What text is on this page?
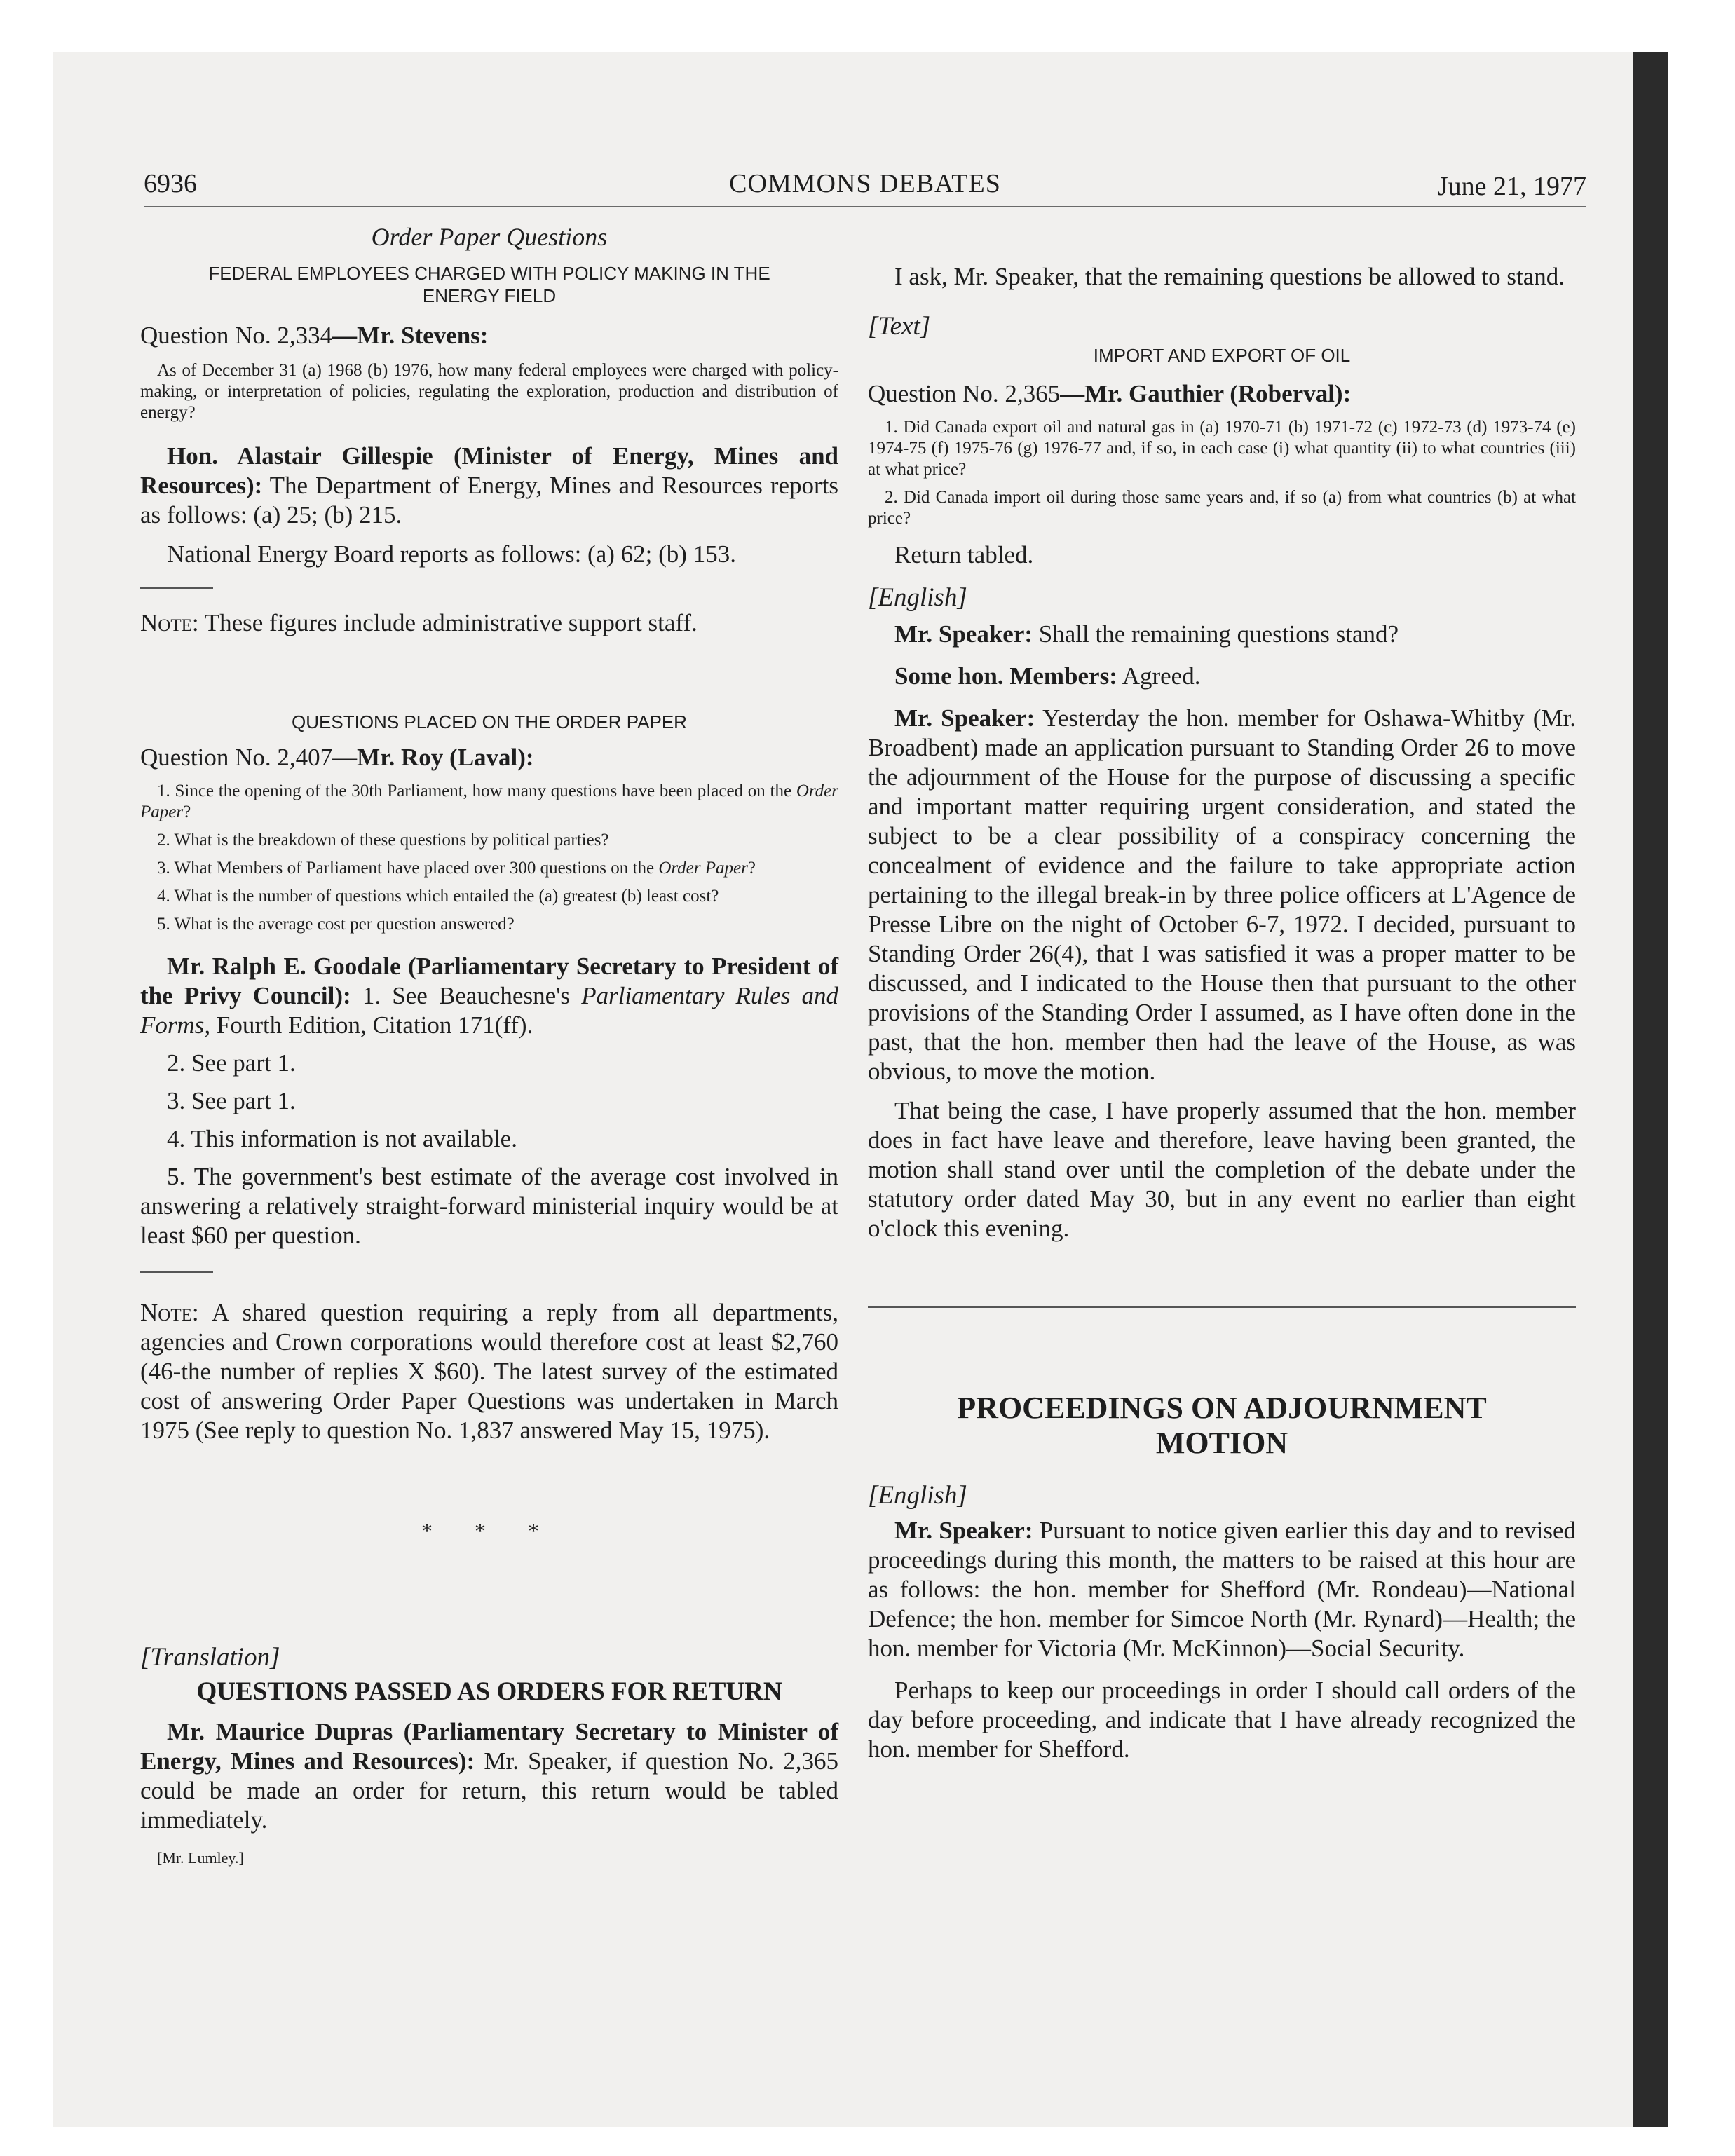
6936	COMMONS DEBATES	June 21, 1977

Order Paper Questions

FEDERAL EMPLOYEES CHARGED WITH POLICY MAKING IN THE ENERGY FIELD

Question No. 2,334—Mr. Stevens:

As of December 31 (a) 1968 (b) 1976, how many federal employees were charged with policy-making, or interpretation of policies, regulating the exploration, production and distribution of energy?

Hon. Alastair Gillespie (Minister of Energy, Mines and Resources): The Department of Energy, Mines and Resources reports as follows: (a) 25; (b) 215.

National Energy Board reports as follows: (a) 62; (b) 153.

Note: These figures include administrative support staff.

QUESTIONS PLACED ON THE ORDER PAPER

Question No. 2,407—Mr. Roy (Laval):

1. Since the opening of the 30th Parliament, how many questions have been placed on the Order Paper?

2. What is the breakdown of these questions by political parties?

3. What Members of Parliament have placed over 300 questions on the Order Paper?

4. What is the number of questions which entailed the (a) greatest (b) least cost?

5. What is the average cost per question answered?

Mr. Ralph E. Goodale (Parliamentary Secretary to President of the Privy Council): 1. See Beauchesne's Parliamentary Rules and Forms, Fourth Edition, Citation 171(ff).

2. See part 1.

3. See part 1.

4. This information is not available.

5. The government's best estimate of the average cost involved in answering a relatively straight-forward ministerial inquiry would be at least $60 per question.

Note: A shared question requiring a reply from all departments, agencies and Crown corporations would therefore cost at least $2,760 (46-the number of replies X $60). The latest survey of the estimated cost of answering Order Paper Questions was undertaken in March 1975 (See reply to question No. 1,837 answered May 15, 1975).

* * *

[Translation]

QUESTIONS PASSED AS ORDERS FOR RETURN

Mr. Maurice Dupras (Parliamentary Secretary to Minister of Energy, Mines and Resources): Mr. Speaker, if question No. 2,365 could be made an order for return, this return would be tabled immediately.

[Mr. Lumley.]

I ask, Mr. Speaker, that the remaining questions be allowed to stand.

[Text]

IMPORT AND EXPORT OF OIL

Question No. 2,365—Mr. Gauthier (Roberval):

1. Did Canada export oil and natural gas in (a) 1970-71 (b) 1971-72 (c) 1972-73 (d) 1973-74 (e) 1974-75 (f) 1975-76 (g) 1976-77 and, if so, in each case (i) what quantity (ii) to what countries (iii) at what price?

2. Did Canada import oil during those same years and, if so (a) from what countries (b) at what price?

Return tabled.

[English]

Mr. Speaker: Shall the remaining questions stand?

Some hon. Members: Agreed.

Mr. Speaker: Yesterday the hon. member for Oshawa-Whitby (Mr. Broadbent) made an application pursuant to Standing Order 26 to move the adjournment of the House for the purpose of discussing a specific and important matter requiring urgent consideration, and stated the subject to be a clear possibility of a conspiracy concerning the concealment of evidence and the failure to take appropriate action pertaining to the illegal break-in by three police officers at L'Agence de Presse Libre on the night of October 6-7, 1972. I decided, pursuant to Standing Order 26(4), that I was satisfied it was a proper matter to be discussed, and I indicated to the House then that pursuant to the other provisions of the Standing Order I assumed, as I have often done in the past, that the hon. member then had the leave of the House, as was obvious, to move the motion.

That being the case, I have properly assumed that the hon. member does in fact have leave and therefore, leave having been granted, the motion shall stand over until the completion of the debate under the statutory order dated May 30, but in any event no earlier than eight o'clock this evening.

PROCEEDINGS ON ADJOURNMENT MOTION

[English]

Mr. Speaker: Pursuant to notice given earlier this day and to revised proceedings during this month, the matters to be raised at this hour are as follows: the hon. member for Shefford (Mr. Rondeau)—National Defence; the hon. member for Simcoe North (Mr. Rynard)—Health; the hon. member for Victoria (Mr. McKinnon)—Social Security.

Perhaps to keep our proceedings in order I should call orders of the day before proceeding, and indicate that I have already recognized the hon. member for Shefford.
